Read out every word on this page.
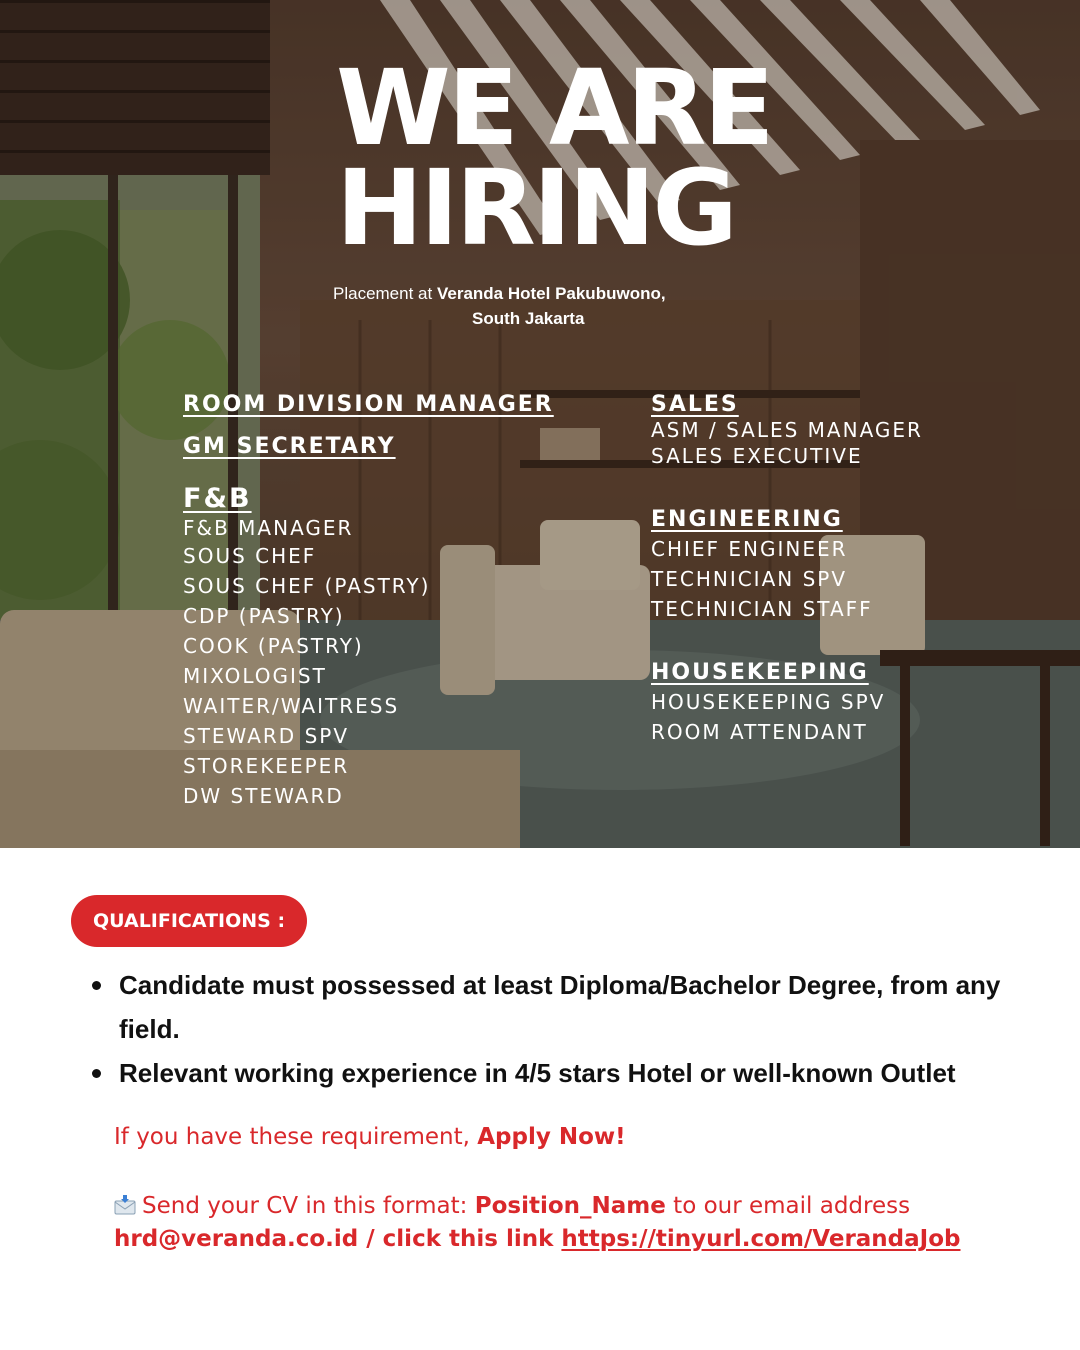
WE ARE
HIRING
Placement at Veranda Hotel Pakubuwono,
South Jakarta
ROOM DIVISION MANAGER
GM SECRETARY
F&B
F&B MANAGER
SOUS CHEF
SOUS CHEF (PASTRY)
CDP (PASTRY)
COOK (PASTRY)
MIXOLOGIST
WAITER/WAITRESS
STEWARD SPV
STOREKEEPER
DW STEWARD
SALES
ASM / SALES MANAGER
SALES EXECUTIVE
ENGINEERING
CHIEF ENGINEER
TECHNICIAN SPV
TECHNICIAN STAFF
HOUSEKEEPING
HOUSEKEEPING SPV
ROOM ATTENDANT
QUALIFICATIONS :
Candidate must possessed at least Diploma/Bachelor Degree, from any field.
Relevant working experience in 4/5 stars Hotel or well-known Outlet
If you have these requirement, Apply Now!
Send your CV in this format: Position_Name to our email address
hrd@veranda.co.id / click this link https://tinyurl.com/VerandaJob
